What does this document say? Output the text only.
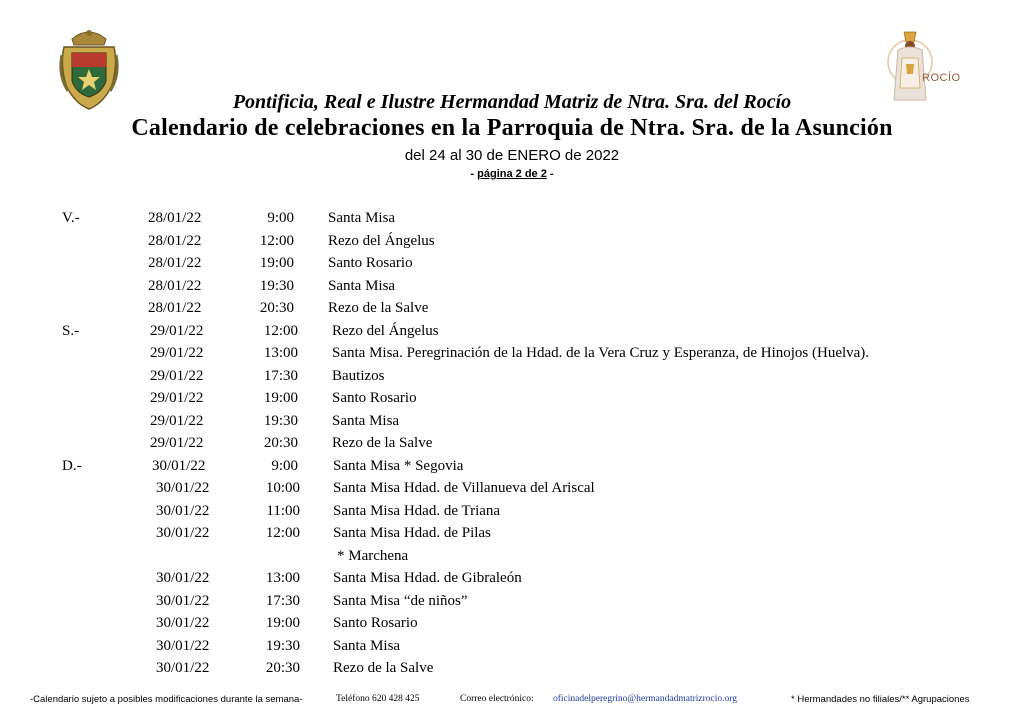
ROCÍO
Pontificia, Real e Ilustre Hermandad Matriz de Ntra. Sra. del Rocío
Calendario de celebraciones en la Parroquia de Ntra. Sra. de la Asunción
del 24 al 30 de ENERO de 2022
- página 2 de 2 -
V.-	28/01/22	9:00 Santa Misa
28/01/22	12:00 Rezo del Ángelus
28/01/22	19:00 Santo Rosario
28/01/22	19:30 Santa Misa
28/01/22	20:30 Rezo de la Salve
S.-	29/01/22	12:00 Rezo del Ángelus
29/01/22	13:00 Santa Misa. Peregrinación de la Hdad. de la Vera Cruz y Esperanza, de Hinojos (Huelva).
29/01/22	17:30 Bautizos
29/01/22	19:00 Santo Rosario
29/01/22	19:30 Santa Misa
29/01/22	20:30 Rezo de la Salve
D.-	30/01/22	9:00 Santa Misa * Segovia
30/01/22	10:00 Santa Misa Hdad. de Villanueva del Ariscal
30/01/22	11:00 Santa Misa Hdad. de Triana
30/01/22	12:00 Santa Misa Hdad. de Pilas
* Marchena
30/01/22	13:00 Santa Misa Hdad. de Gibraleón
30/01/22	17:30 Santa Misa “de niños”
30/01/22	19:00 Santo Rosario
30/01/22	19:30 Santa Misa
30/01/22	20:30 Rezo de la Salve
-Calendario sujeto a posibles modificaciones durante la semana-	Teléfono 620 428 425	Correo electrónico: oficinadelperegrino@hermandadmatrizrocio.org	* Hermandades no filiales/** Agrupaciones
